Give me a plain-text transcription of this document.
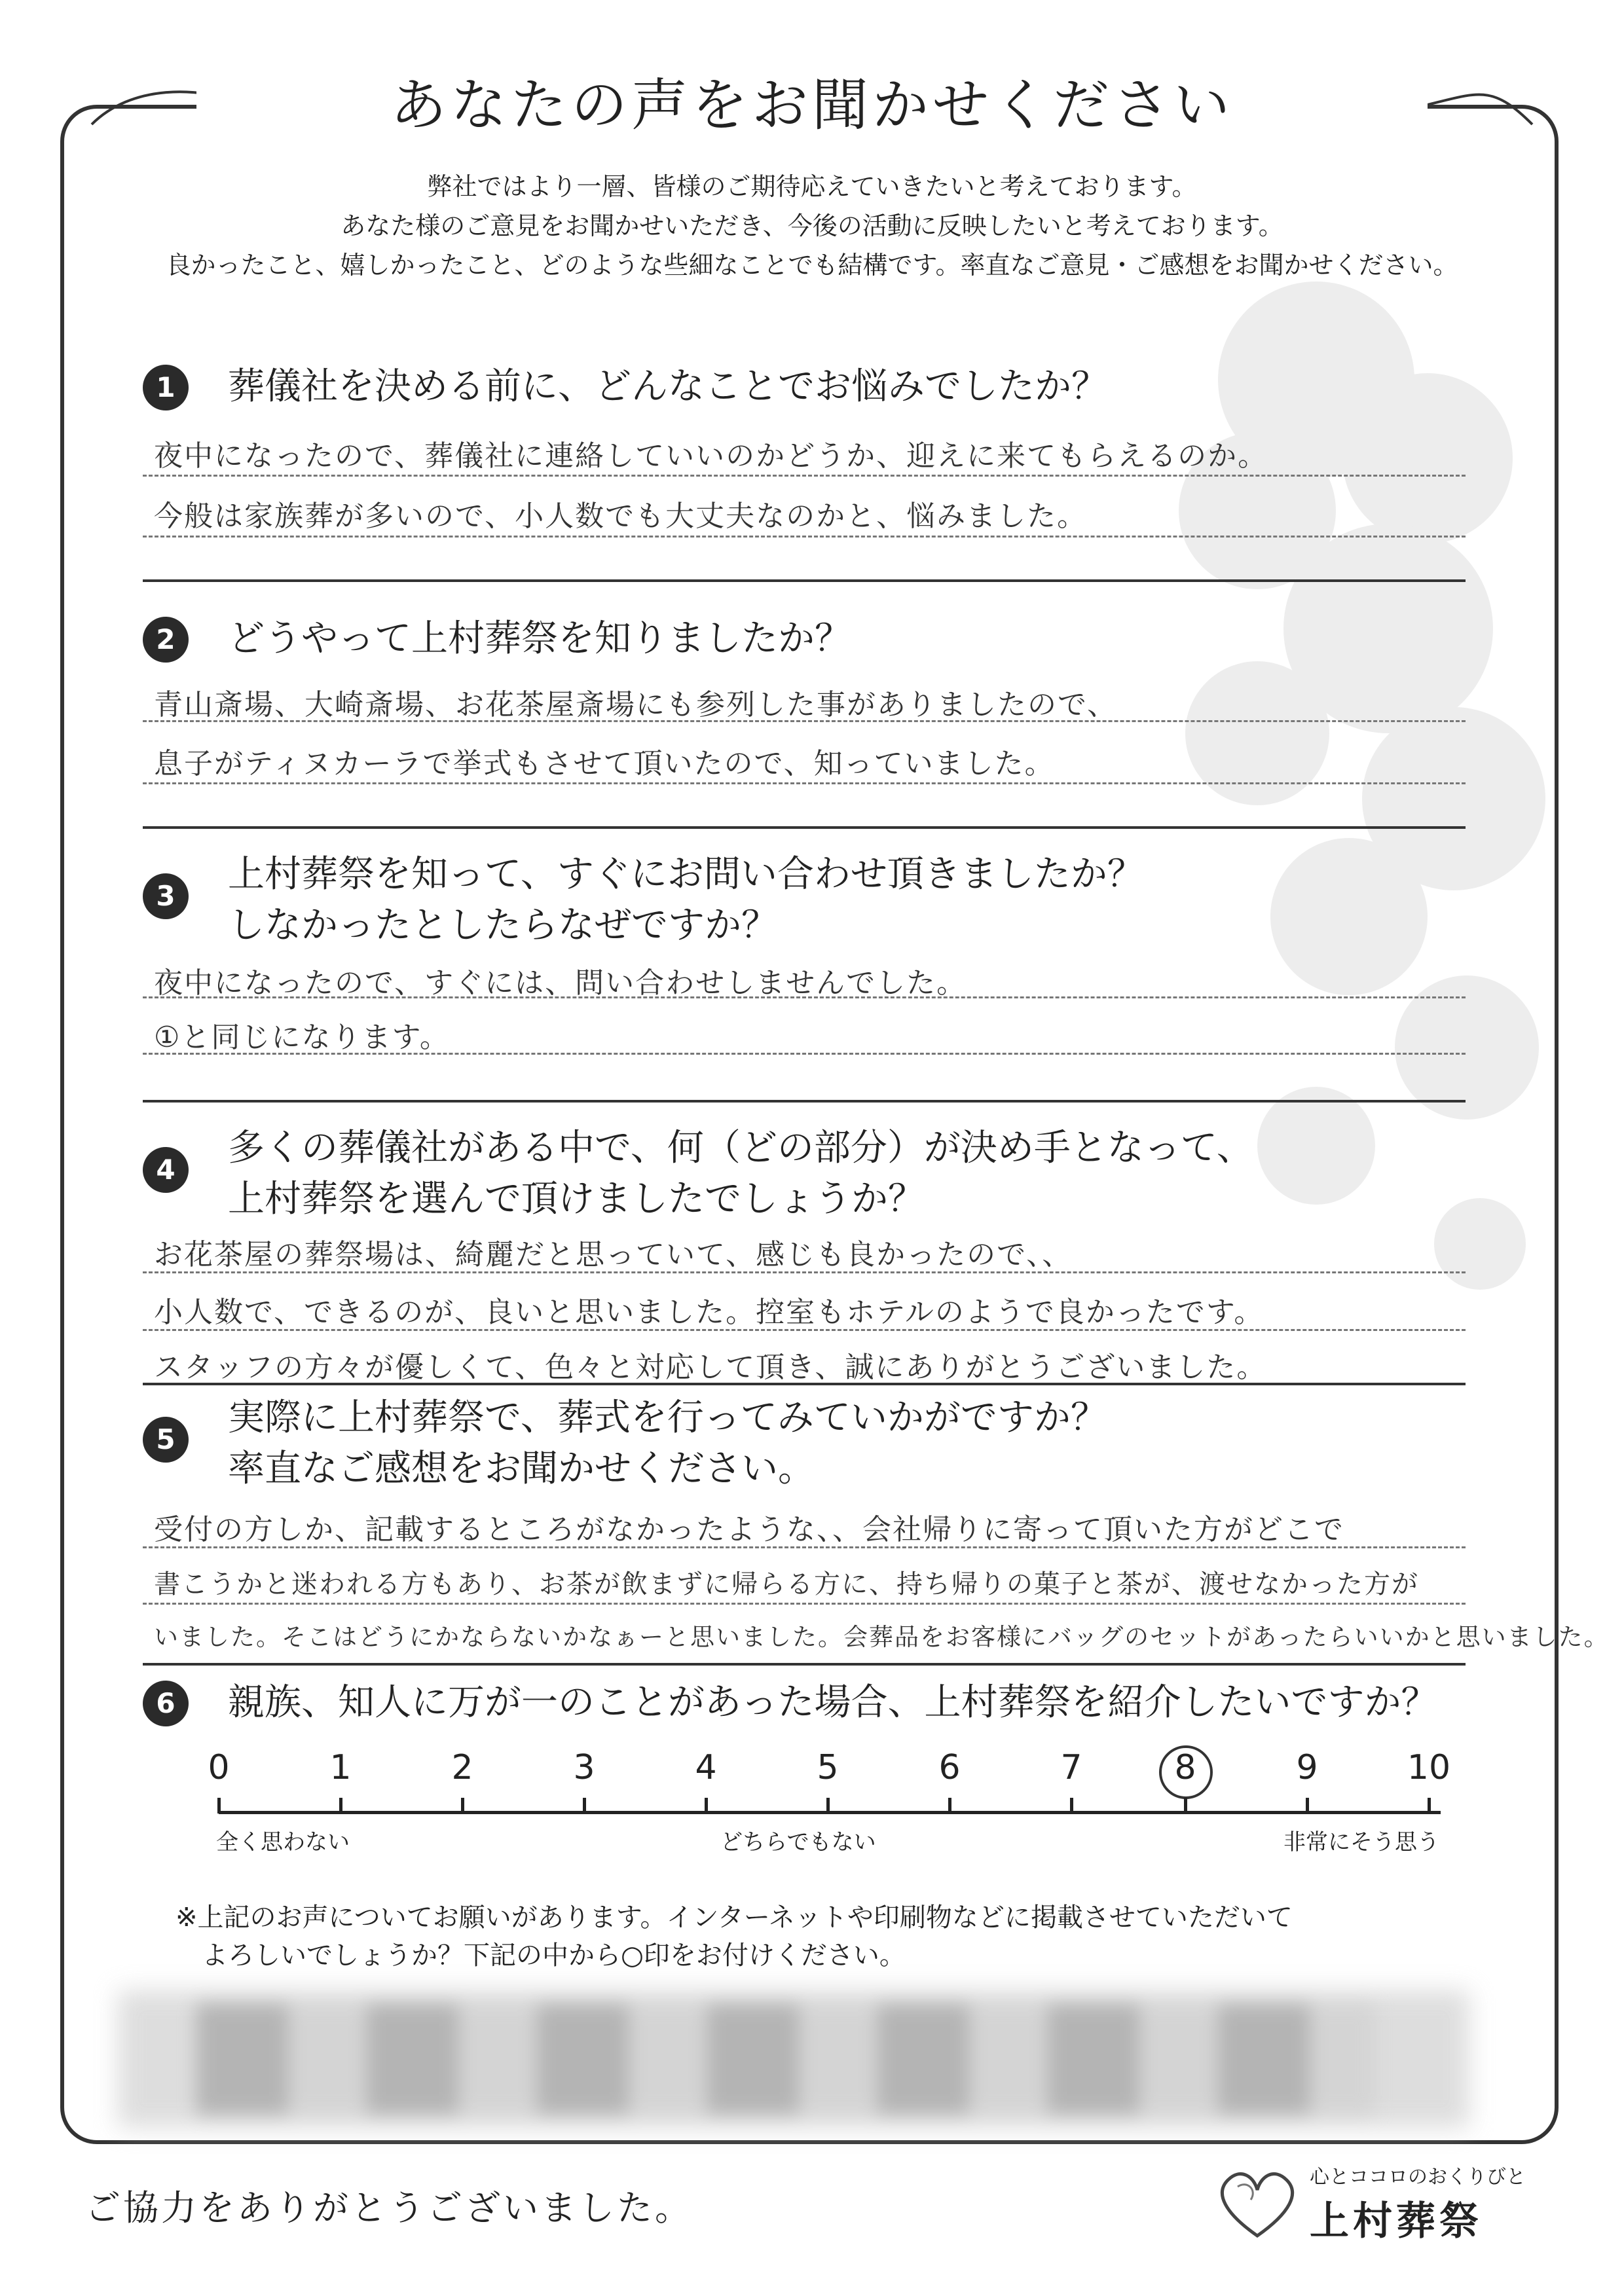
あなたの声をお聞かせください
弊社ではより一層、皆様のご期待応えていきたいと考えております。
あなた様のご意見をお聞かせいただき、今後の活動に反映したいと考えております。
良かったこと、嬉しかったこと、どのような些細なことでも結構です。率直なご意見・ご感想をお聞かせください。
1	葬儀社を決める前に、どんなことでお悩みでしたか？
夜中になったので、葬儀社に連絡していいのかどうか、迎えに来てもらえるのか。
今般は家族葬が多いので、小人数でも大丈夫なのかと、悩みました。
2	どうやって上村葬祭を知りましたか？
青山斎場、大崎斎場、お花茶屋斎場にも参列した事がありましたので、
息子がティヌカーラで挙式もさせて頂いたので、知っていました。
3
上村葬祭を知って、すぐにお問い合わせ頂きましたか？
しなかったとしたらなぜですか？
夜中になったので、すぐには、問い合わせしませんでした。
①と同じになります。
4
多くの葬儀社がある中で、何（どの部分）が決め手となって、
上村葬祭を選んで頂けましたでしょうか？
お花茶屋の葬祭場は、綺麗だと思っていて、感じも良かったので、、
小人数で、できるのが、良いと思いました。控室もホテルのようで良かったです。
スタッフの方々が優しくて、色々と対応して頂き、誠にありがとうございました。
5
実際に上村葬祭で、葬式を行ってみていかがですか？
率直なご感想をお聞かせください。
受付の方しか、記載するところがなかったような、、会社帰りに寄って頂いた方がどこで
書こうかと迷われる方もあり、お茶が飲まずに帰らる方に、持ち帰りの菓子と茶が、渡せなかった方が
いました。そこはどうにかならないかなぁーと思いました。会葬品をお客様にバッグのセットがあったらいいかと思いました。
6	親族、知人に万が一のことがあった場合、上村葬祭を紹介したいですか？
0	1	2	3	4	5	6	7	8	9	10
全く思わない	どちらでもない	非常にそう思う
※上記のお声についてお願いがあります。インターネットや印刷物などに掲載させていただいて
よろしいでしょうか？下記の中から○印をお付けください。
ご協力をありがとうございました。
心とココロのおくりびと
上村葬祭
